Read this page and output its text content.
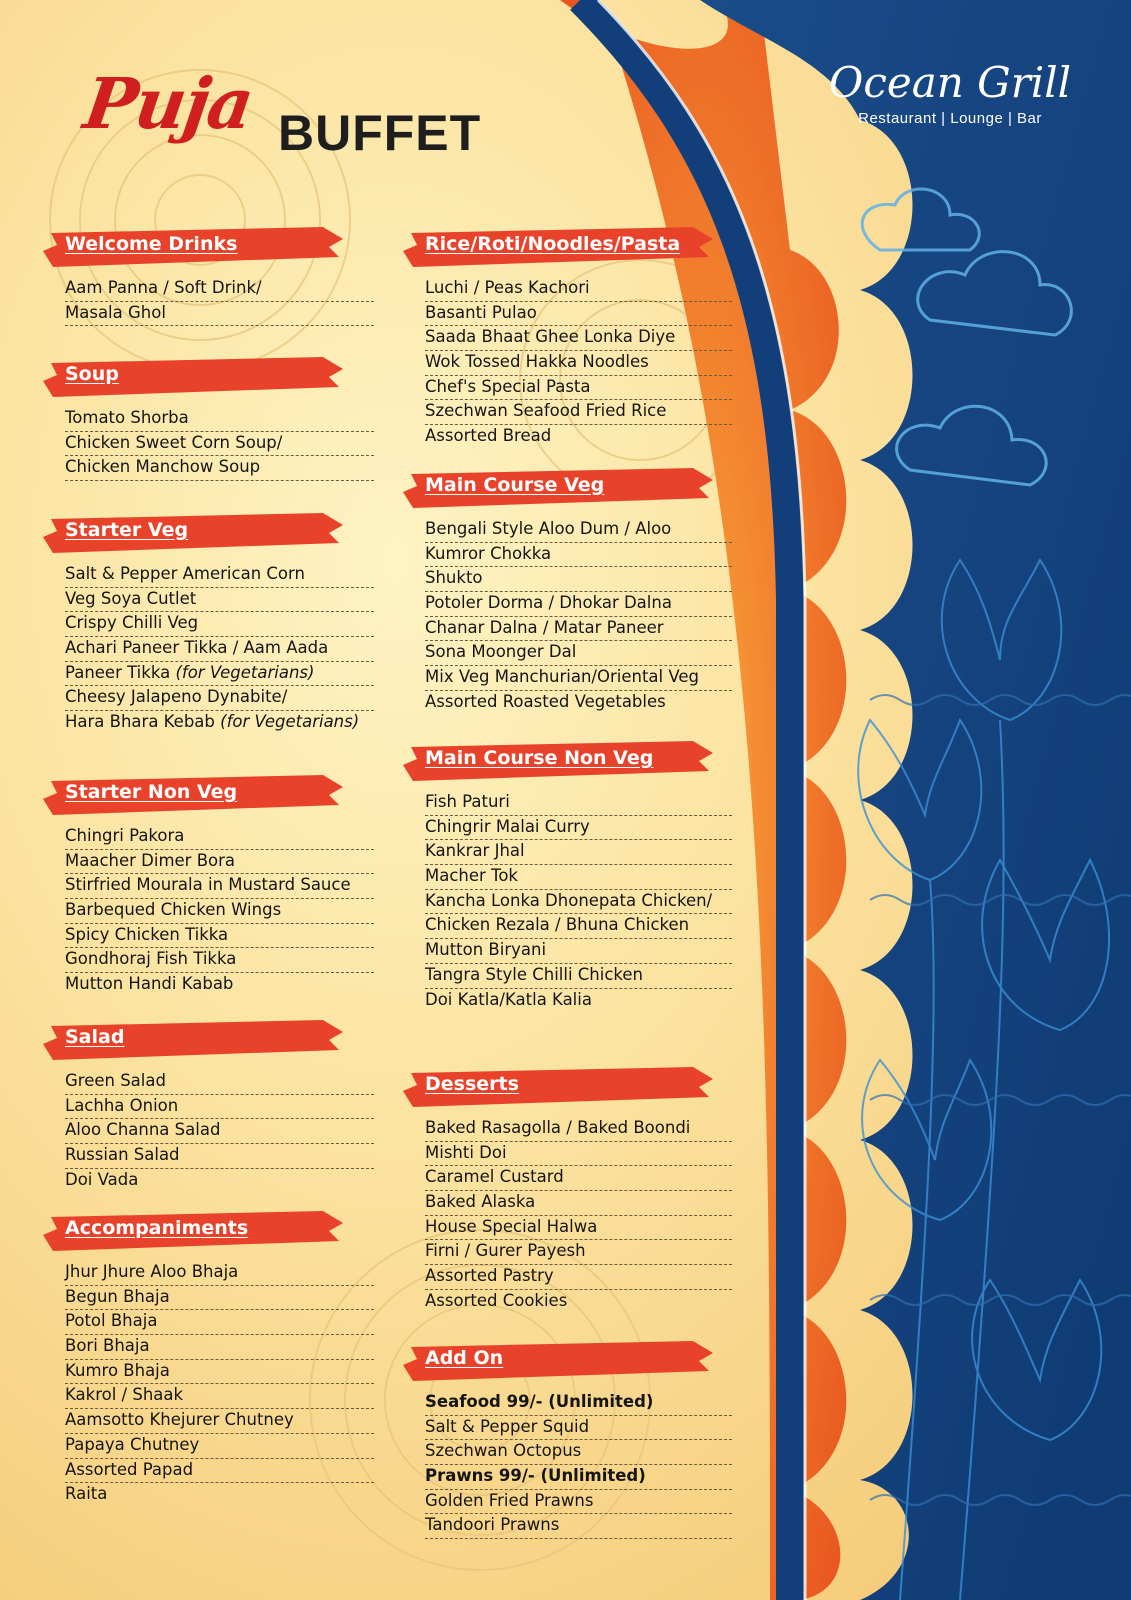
Puja BUFFET
Ocean Grill
Restaurant | Lounge | Bar
Welcome Drinks
Aam Panna / Soft Drink/
Masala Ghol
Soup
Tomato Shorba
Chicken Sweet Corn Soup/
Chicken Manchow Soup
Starter Veg
Salt & Pepper American Corn
Veg Soya Cutlet
Crispy Chilli Veg
Achari Paneer Tikka / Aam Aada
Paneer Tikka (for Vegetarians)
Cheesy Jalapeno Dynabite/
Hara Bhara Kebab (for Vegetarians)
Starter Non Veg
Chingri Pakora
Maacher Dimer Bora
Stirfried Mourala in Mustard Sauce
Barbequed Chicken Wings
Spicy Chicken Tikka
Gondhoraj Fish Tikka
Mutton Handi Kabab
Salad
Green Salad
Lachha Onion
Aloo Channa Salad
Russian Salad
Doi Vada
Accompaniments
Jhur Jhure Aloo Bhaja
Begun Bhaja
Potol Bhaja
Bori Bhaja
Kumro Bhaja
Kakrol / Shaak
Aamsotto Khejurer Chutney
Papaya Chutney
Assorted Papad
Raita
Rice/Roti/Noodles/Pasta
Luchi / Peas Kachori
Basanti Pulao
Saada Bhaat Ghee Lonka Diye
Wok Tossed Hakka Noodles
Chef's Special Pasta
Szechwan Seafood Fried Rice
Assorted Bread
Main Course Veg
Bengali Style Aloo Dum / Aloo
Kumror Chokka
Shukto
Potoler Dorma / Dhokar Dalna
Chanar Dalna / Matar Paneer
Sona Moonger Dal
Mix Veg Manchurian/Oriental Veg
Assorted Roasted Vegetables
Main Course Non Veg
Fish Paturi
Chingrir Malai Curry
Kankrar Jhal
Macher Tok
Kancha Lonka Dhonepata Chicken/
Chicken Rezala / Bhuna Chicken
Mutton Biryani
Tangra Style Chilli Chicken
Doi Katla/Katla Kalia
Desserts
Baked Rasagolla / Baked Boondi
Mishti Doi
Caramel Custard
Baked Alaska
House Special Halwa
Firni / Gurer Payesh
Assorted Pastry
Assorted Cookies
Add On
Seafood 99/- (Unlimited)
Salt & Pepper Squid
Szechwan Octopus
Prawns 99/- (Unlimited)
Golden Fried Prawns
Tandoori Prawns
